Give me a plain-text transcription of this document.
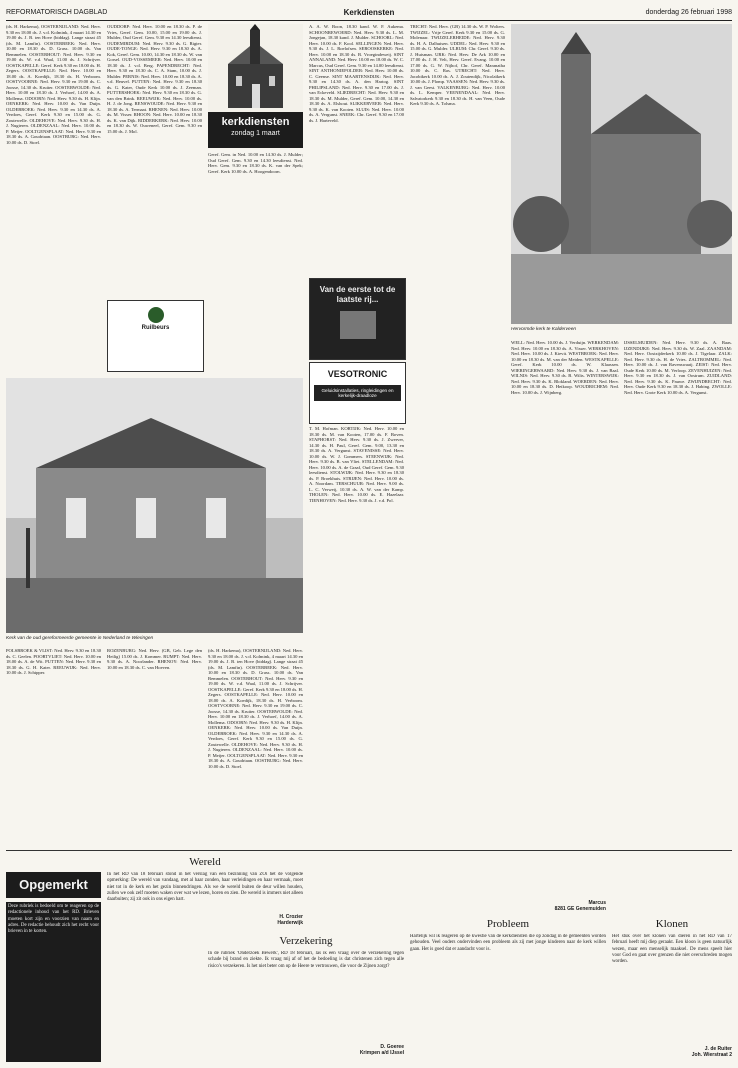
REFORMATORISCH DAGBLAD	Kerkdiensten	donderdag 26 februari 1998

(ds. H. Harkema), OOSTERNIJLAND: Ned. Herv. 9.30 en 18.00 ds. J. v.d. Kolmink, 4 maart 14.30 en 19.00 ds. J. B. ten Hove (biddag). Lange straat 45 (ds. M. Lamfin). OOSTERBEEK: Ned. Herv. 10.00 en 18.30 ds. D. Grass. 10.00 ds. Van Bemmelen. OOSTERHOUT: Ned. Herv. 9.30 en 19.00 ds. W. v.d. Waal, 11.00 ds. J. Schrijver. OOSTKAPELLE: Geref. Kerk 9.30 en 18.00 ds. H. Zegers. OOSTKAPELLE: Ned. Herv. 10.00 en 18.00 ds. A. Koedijk, 18.30 ds. H. Verboom. OOSTVOORNE: Ned. Herv. 9.30 en 19.00 ds. C. Joosse, 14.30 ds. Kruiter. OOSTERWOLDE: Ned. Herv. 10.00 en 18.30 ds. J. Verhoef, 14.00 ds. A. Mollema. ODOORN: Ned. Herv. 9.30 ds. H. Klijn. OENKERK: Ned. Herv. 10.00 ds. Van Duijn. OLDEBROEK: Ned. Herv. 9.30 en 14.30 ds. A. Verdoes, Geref. Kerk 9.30 en 15.00 ds. G. Zoutewelle. OLDEHOVE: Ned. Herv. 9.30 ds. H. J. Nugteren. OLDENZAAL: Ned. Herv. 10.00 ds. P. Meijer. OOLTGENSPLAAT: Ned. Herv. 9.30 en 18.30 ds. A. Goudriaan. OOSTBURG: Ned. Herv. 10.00 ds. D. Stoel.

Ruilbeurs

OUDDORP: Ned. Herv. 10.00 en 18.30 ds. P. de Vries, Geref. Gem. 10.00, 15.00 en 19.00 ds. J. Mulder, Oud Geref. Gem. 9.30 en 14.30 leesdienst. OUDEMIRDUM: Ned. Herv. 9.30 ds. G. Rigter. OUDE-TONGE: Ned. Herv. 9.30 en 18.30 ds. A. Kok, Geref. Gem. 10.00, 14.30 en 18.30 ds. W. van Gorsel. OUD-VOSSEMEER: Ned. Herv. 10.00 en 18.30 ds. J. v.d. Berg. PAPENDRECHT: Ned. Herv. 9.30 en 18.30 ds. C. A. Stam, 10.00 ds. J. Mulder. PERNIS: Ned. Herv. 10.00 en 18.30 ds. A. v.d. Heuvel. PUTTEN: Ned. Herv. 9.30 en 18.30 ds. G. Kater, Oude Kerk 10.00 ds. J. Zeeman. PUTTERSHOEK: Ned. Herv. 9.30 en 18.30 ds. G. van den Brink. REEUWIJK: Ned. Herv. 10.00 ds. H. J. de Jong. RENSWOUDE: Ned. Herv. 9.30 en 18.30 ds. A. Termaat. RHENEN: Ned. Herv. 10.00 ds. M. Visser. RHOON: Ned. Herv. 10.00 en 18.30 ds. K. van Dijk. RIDDERKERK: Ned. Herv. 10.00 en 18.30 ds. W. Ouweneel, Geref. Gem. 9.30 en 15.00 ds. J. Mol.

kerkdiensten
zondag 1 maart

Geref. Gem. in Ned. 10.00 en 14.30 ds. J. Mulder; Oud Geref. Gem. 9.30 en 14.30 leesdienst. Ned. Herv. Gem. 9.30 en 18.30 ds. K. van der Spek; Geref. Kerk 10.00 ds. A. Hoogendoorn.

A. A. W. Boon, 18.30 kand. W. F. Aukema. SCHOONREWOERD: Ned. Herv. 9.30 ds. L. M. Jongejan, 18.30 kand. J. Mulder. SCHOORL: Ned. Herv. 10.00 ds. F. Kool. SELLINGEN: Ned. Herv. 9.30 ds. J. L. Roelofsen. SEROOSKERKE: Ned. Herv. 10.00 en 18.30 ds. B. Vroegindeweij. SINT ANNALAND: Ned. Herv. 10.00 en 18.00 ds. W. C. Marcus, Oud Geref. Gem. 9.30 en 14.00 leesdienst. SINT ANTHONIEPOLDER: Ned. Herv. 10.00 ds. C. Geense. SINT MAARTENSDIJK: Ned. Herv. 9.30 en 14.30 ds. A. den Hartog. SINT PHILIPSLAND: Ned. Herv. 9.30 en 17.00 ds. J. van Eckeveld. SLIEDRECHT: Ned. Herv. 9.30 en 18.30 ds. M. Mulder, Geref. Gem. 10.00, 14.30 en 18.30 ds. A. Elshout. SLIKKERVEER: Ned. Herv. 9.30 ds. K. van Kooten. SLUIS: Ned. Herv. 10.00 ds. A. Vergunst. SNEEK: Chr. Geref. 9.30 en 17.00 ds. J. Harteveld.

Van de eerste tot de laatste rij...
VESOTRONIC
Geluidsinstallaties, ringleidingen en kerkelijk-draadloze

T. M. Hofman. KORTIJK: Ned. Herv. 10.00 en 18.30 ds. M. van Kooten, 17.00 ds. F. Boven. STAPHORST: Ned. Herv. 9.30 ds. J. Zwerver, 14.30 ds. H. Paul, Geref. Gem. 9.00, 13.30 en 18.30 ds. A. Vergunst. STAVENISSE: Ned. Herv. 10.00 ds. W. J. Gommers. STEENWIJK: Ned. Herv. 9.30 ds. B. van Vliet. STELLENDAM: Ned. Herv. 10.00 ds. A. de Graaf, Oud Geref. Gem. 9.30 leesdienst. STOLWIJK: Ned. Herv. 9.30 en 18.30 ds. P. Broekhuis. STRIJEN: Ned. Herv. 10.00 ds. A. Noordam. TERSCHUUR: Ned. Herv. 9.00 ds. L. C. Verweij, 10.30 ds. A. W. van der Kamp. THOLEN: Ned. Herv. 10.00 ds. E. Hazelaar. TIENHOVEN: Ned. Herv. 9.30 ds. J. v.d. Pol.

TRICHT: Ned. Herv. (GB) 14.30 ds. W. P. Wolters. TWIJZEL: Vrije Geref. Kerk 9.30 en 15.00 ds. G. Molenaar. TWIJZELERHEIDE: Ned. Herv. 9.30 ds. H. A. Dalhuisen. UDDEL: Ned. Herv. 9.30 en 15.00 ds. G. Mulder. ULRUM: Chr. Geref. 9.30 ds. J. Huisman. URK: Ned. Herv. De Ark 10.00 en 17.00 ds. J. H. Velt, Herv. Geref. Evang. 10.00 en 17.00 ds. G. W. Nijhof, Chr. Geref. Maranatha 10.00 ds. C. Ras. UTRECHT: Ned. Herv. Jacobikerk 10.00 ds. A. J. Zoutendijk, Nicolaïkerk 10.00 ds. J. Plomp. VAASSEN: Ned. Herv. 9.30 ds. J. van Geest. VALKENBURG: Ned. Herv. 10.00 ds. L. Kemper. VEENENDAAL: Ned. Herv. Salvatorkerk 9.30 en 18.30 ds. H. van Veen, Oude Kerk 9.30 ds. A. Tolsma.

Hervormde kerk te Kalderveen

WELL: Ned. Herv. 10.00 ds. J. Verduijn. WERKENDAM: Ned. Herv. 10.00 en 18.30 ds. A. Visser. WERKHOVEN: Ned. Herv. 10.00 ds. J. Kievit. WESTBROEK: Ned. Herv. 10.00 en 18.30 ds. M. van der Meiden. WESTKAPELLE: Geref. Kerk 10.00 ds. W. Klaassen. WIERINGERWAARD: Ned. Herv. 9.30 ds. J. van Baal. WILNIS: Ned. Herv. 9.30 ds. B. Wilts. WINTERSWIJK: Ned. Herv. 9.30 ds. K. Blokland. WOERDEN: Ned. Herv. 10.00 en 18.30 ds. D. Heikoop. WOUDRICHEM: Ned. Herv. 10.00 ds. J. Wijnberg.

IJSSELMUIDEN: Ned. Herv. 9.30 ds. A. Baas. IJZENDIJKE: Ned. Herv. 9.30 ds. W. Zaal. ZAANDAM: Ned. Herv. Oostzijderkerk 10.00 ds. J. Tigelaar. ZALK: Ned. Herv. 9.30 ds. H. de Vries. ZALTBOMMEL: Ned. Herv. 10.00 ds. J. van Ravenswaaij. ZEIST: Ned. Herv. Oude Kerk 10.00 ds. M. Verloop. ZEVENHUIZEN: Ned. Herv. 9.30 en 18.30 ds. J. van Oostrum. ZUIDLAND: Ned. Herv. 9.30 ds. K. Pauwe. ZWIJNDRECHT: Ned. Herv. Oude Kerk 9.30 en 18.30 ds. J. Habing. ZWOLLE: Ned. Herv. Grote Kerk 10.00 ds. A. Vergunst.

Kerk van de oud gereformeerde gemeente in Nederland te Wieringen

POLSBROEK & VLIST: Ned. Herv. 9.30 en 18.30 ds. C. Geelen. POORTVLIET: Ned. Herv. 10.00 en 18.00 ds. A. de Wit. PUTTEN: Ned. Herv. 9.30 en 18.30 ds. G. H. Kater. REEUWIJK: Ned. Herv. 10.00 ds. J. Schipper.

ROZENBURG: Ned. Herv. (GB, Geb. Lege den Heilig) 15.00 ds. J. Kommer. RUMPT: Ned. Herv. 9.30 ds. A. Noorlander. RHENOY: Ned. Herv. 10.00 en 18.30 ds. C. van Hoeven.

(ds. H. Harkema), OOSTERNIJLAND: Ned. Herv. 9.30 en 18.00 ds. J. v.d. Kolmink, 4 maart 14.30 en 19.00 ds. J. B. ten Hove (biddag). Lange straat 45 (ds. M. Lamfin). OOSTERBEEK: Ned. Herv. 10.00 en 18.30 ds. D. Grass. 10.00 ds. Van Bemmelen. OOSTERHOUT: Ned. Herv. 9.30 en 19.00 ds. W. v.d. Waal, 11.00 ds. J. Schrijver. OOSTKAPELLE: Geref. Kerk 9.30 en 18.00 ds. H. Zegers. OOSTKAPELLE: Ned. Herv. 10.00 en 18.00 ds. A. Koedijk, 18.30 ds. H. Verboom. OOSTVOORNE: Ned. Herv. 9.30 en 19.00 ds. C. Joosse, 14.30 ds. Kruiter. OOSTERWOLDE: Ned. Herv. 10.00 en 18.30 ds. J. Verhoef, 14.00 ds. A. Mollema. ODOORN: Ned. Herv. 9.30 ds. H. Klijn. OENKERK: Ned. Herv. 10.00 ds. Van Duijn. OLDEBROEK: Ned. Herv. 9.30 en 14.30 ds. A. Verdoes, Geref. Kerk 9.30 en 15.00 ds. G. Zoutewelle. OLDEHOVE: Ned. Herv. 9.30 ds. H. J. Nugteren. OLDENZAAL: Ned. Herv. 10.00 ds. P. Meijer. OOLTGENSPLAAT: Ned. Herv. 9.30 en 18.30 ds. A. Goudriaan. OOSTBURG: Ned. Herv. 10.00 ds. D. Stoel.

Opgemerkt

Deze rubriek is bedoeld om te reageren op de redactionele inhoud van het RD. Brieven moeten kort zijn en voorzien van naam en adres. De redactie behoudt zich het recht voor brieven in te korten.

Wereld

In het RD van 18 februari stond in het verslag van een bezinning van ZOi het de volgende opmerking: De wereld van vandaag, met al haar zonden, haar verleidingen en haar vermaak, moet niet tot in de kerk en het gezin binnendringen. Als we de wereld buiten de deur willen houden, zullen we ook zelf moeten waken over wat we lezen, horen en zien. De wereld is immers niet alleen daarbuiten; zij zit ook in ons eigen hart.

H. Crozier
Harderwijk
Verzekering

In de rubriek 'Onderzoek Bewerk', RD 18 februari, las ik een vraag over de verzekering tegen schade bij brand en ziekte. Ik vraag mij af of het de bedoeling is dat christenen zich tegen alle risico's verzekeren. Is het niet beter om op de Heere te vertrouwen, die voor de Zijnen zorgt?

D. Goeree
Krimpen a/d IJssel
Probleem

Hartelijk wil ik reageren op de kwestie van de kerkdiensten die op zondag in de gemeenten worden gehouden. Veel ouders ondervinden een probleem als zij met jonge kinderen naar de kerk willen gaan. Het is goed dat er aandacht voor is.

Marcus
8281 GE Genemuiden
Klonen

Het stuk over het klonen van dieren in het RD van 17 februari heeft mij diep geraakt. Een kloon is geen natuurlijk wezen, maar een menselijk maaksel. De mens speelt hier voor God en gaat over grenzen die niet overschreden mogen worden.

J. de Ruiter
Joh. Wierstraat 2
